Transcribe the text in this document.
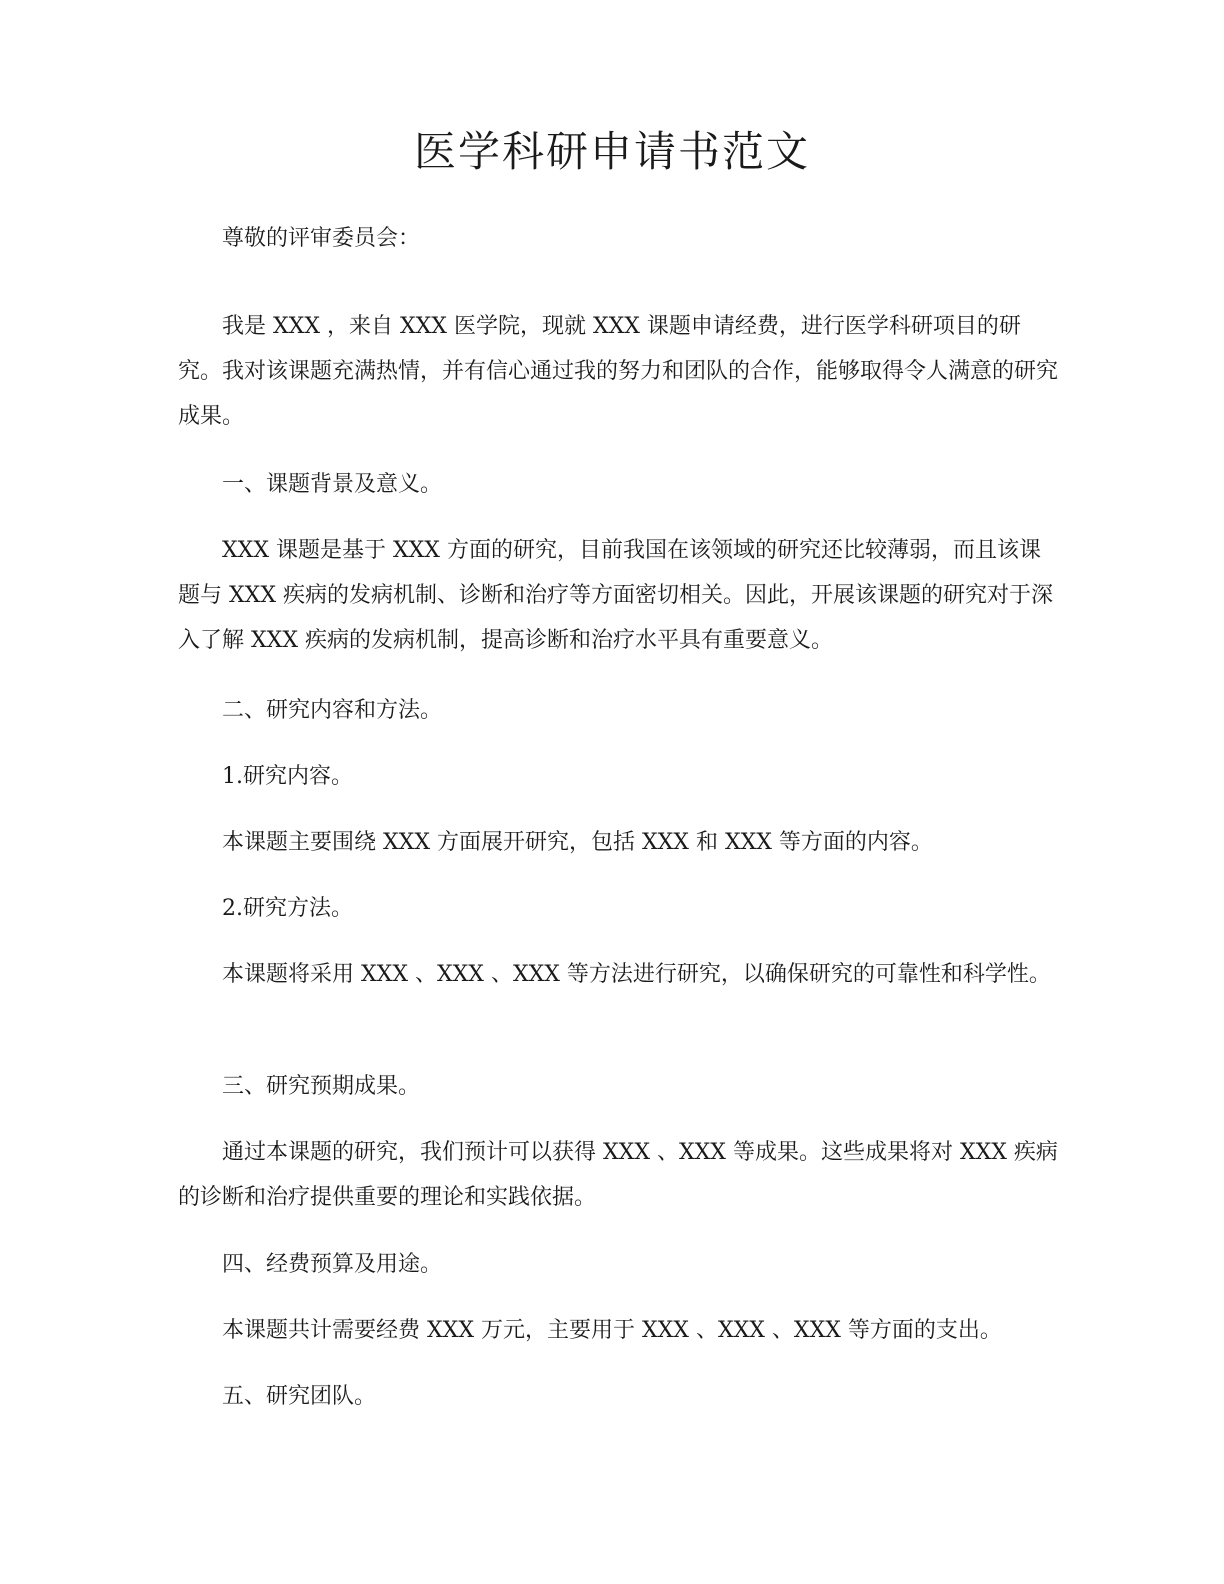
医学科研申请书范文

尊敬的评审委员会：

我是 XXX ，来自 XXX 医学院，现就 XXX 课题申请经费，进行医学科研项目的研究。我对该课题充满热情，并有信心通过我的努力和团队的合作，能够取得令人满意的研究成果。

一、课题背景及意义。

XXX 课题是基于 XXX 方面的研究，目前我国在该领域的研究还比较薄弱，而且该课题与 XXX 疾病的发病机制、诊断和治疗等方面密切相关。因此，开展该课题的研究对于深入了解 XXX 疾病的发病机制，提高诊断和治疗水平具有重要意义。

二、研究内容和方法。

1.研究内容。

本课题主要围绕 XXX 方面展开研究，包括 XXX 和 XXX 等方面的内容。

2.研究方法。

本课题将采用 XXX 、XXX 、XXX 等方法进行研究，以确保研究的可靠性和科学性。

三、研究预期成果。

通过本课题的研究，我们预计可以获得 XXX 、XXX 等成果。这些成果将对 XXX 疾病的诊断和治疗提供重要的理论和实践依据。

四、经费预算及用途。

本课题共计需要经费 XXX 万元，主要用于 XXX 、XXX 、XXX 等方面的支出。

五、研究团队。
